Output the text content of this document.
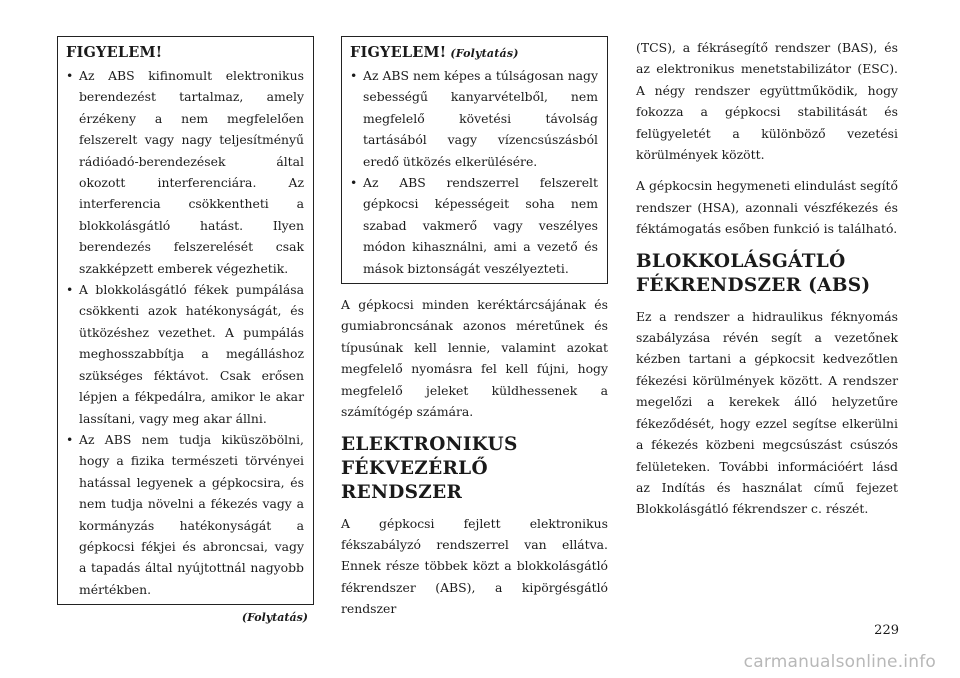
FIGYELEM!
• Az ABS kifinomult elektronikus berendezést tartalmaz, amely érzékeny a nem megfelelően felszerelt vagy nagy teljesítményű rádióadó-berendezések által okozott interferenciára. Az interferencia csökkentheti a blokkolásgátló hatást. Ilyen berendezés felszerelését csak szakképzett emberek végezhetik.
• A blokkolásgátló fékek pumpálása csökkenti azok hatékonyságát, és ütközéshez vezethet. A pumpálás meghosszabbítja a megálláshoz szükséges féktávot. Csak erősen lépjen a fékpedálra, amikor le akar lassítani, vagy meg akar állni.
• Az ABS nem tudja kiküszöbölni, hogy a fizika természeti törvényei hatással legyenek a gépkocsira, és nem tudja növelni a fékezés vagy a kormányzás hatékonyságát a gépkocsi fékjei és abroncsai, vagy a tapadás által nyújtottnál nagyobb mértékben.
(Folytatás)
FIGYELEM! (Folytatás)
• Az ABS nem képes a túlságosan nagy sebességű kanyarvételből, nem megfelelő követési távolság tartásából vagy vízencsúszásból eredő ütközés elkerülésére.
• Az ABS rendszerrel felszerelt gépkocsi képességeit soha nem szabad vakmerő vagy veszélyes módon kihasználni, ami a vezető és mások biztonságát veszélyezteti.

A gépkocsi minden keréktárcsájának és gumiabroncsának azonos méretűnek és típusúnak kell lennie, valamint azokat megfelelő nyomásra fel kell fújni, hogy megfelelő jeleket küldhessenek a számítógép számára.

ELEKTRONIKUS
FÉKVEZÉRLŐ
RENDSZER

A gépkocsi fejlett elektronikus fékszabályzó rendszerrel van ellátva. Ennek része többek közt a blokkolásgátló fékrendszer (ABS), a kipörgésgátló rendszer

(TCS), a fékrásegítő rendszer (BAS), és az elektronikus menetstabilizátor (ESC). A négy rendszer együttműködik, hogy fokozza a gépkocsi stabilitását és felügyeletét a különböző vezetési körülmények között.

A gépkocsin hegymeneti elindulást segítő rendszer (HSA), azonnali vészfékezés és féktámogatás esőben funkció is található.

BLOKKOLÁSGÁTLÓ
FÉKRENDSZER (ABS)

Ez a rendszer a hidraulikus féknyomás szabályzása révén segít a vezetőnek kézben tartani a gépkocsit kedvezőtlen fékezési körülmények között. A rendszer megelőzi a kerekek álló helyzetűre fékeződését, hogy ezzel segítse elkerülni a fékezés közbeni megcsúszást csúszós felületeken. További információért lásd az Indítás és használat című fejezet Blokkolásgátló fékrendszer c. részét.

229
carmanualsonline.info
